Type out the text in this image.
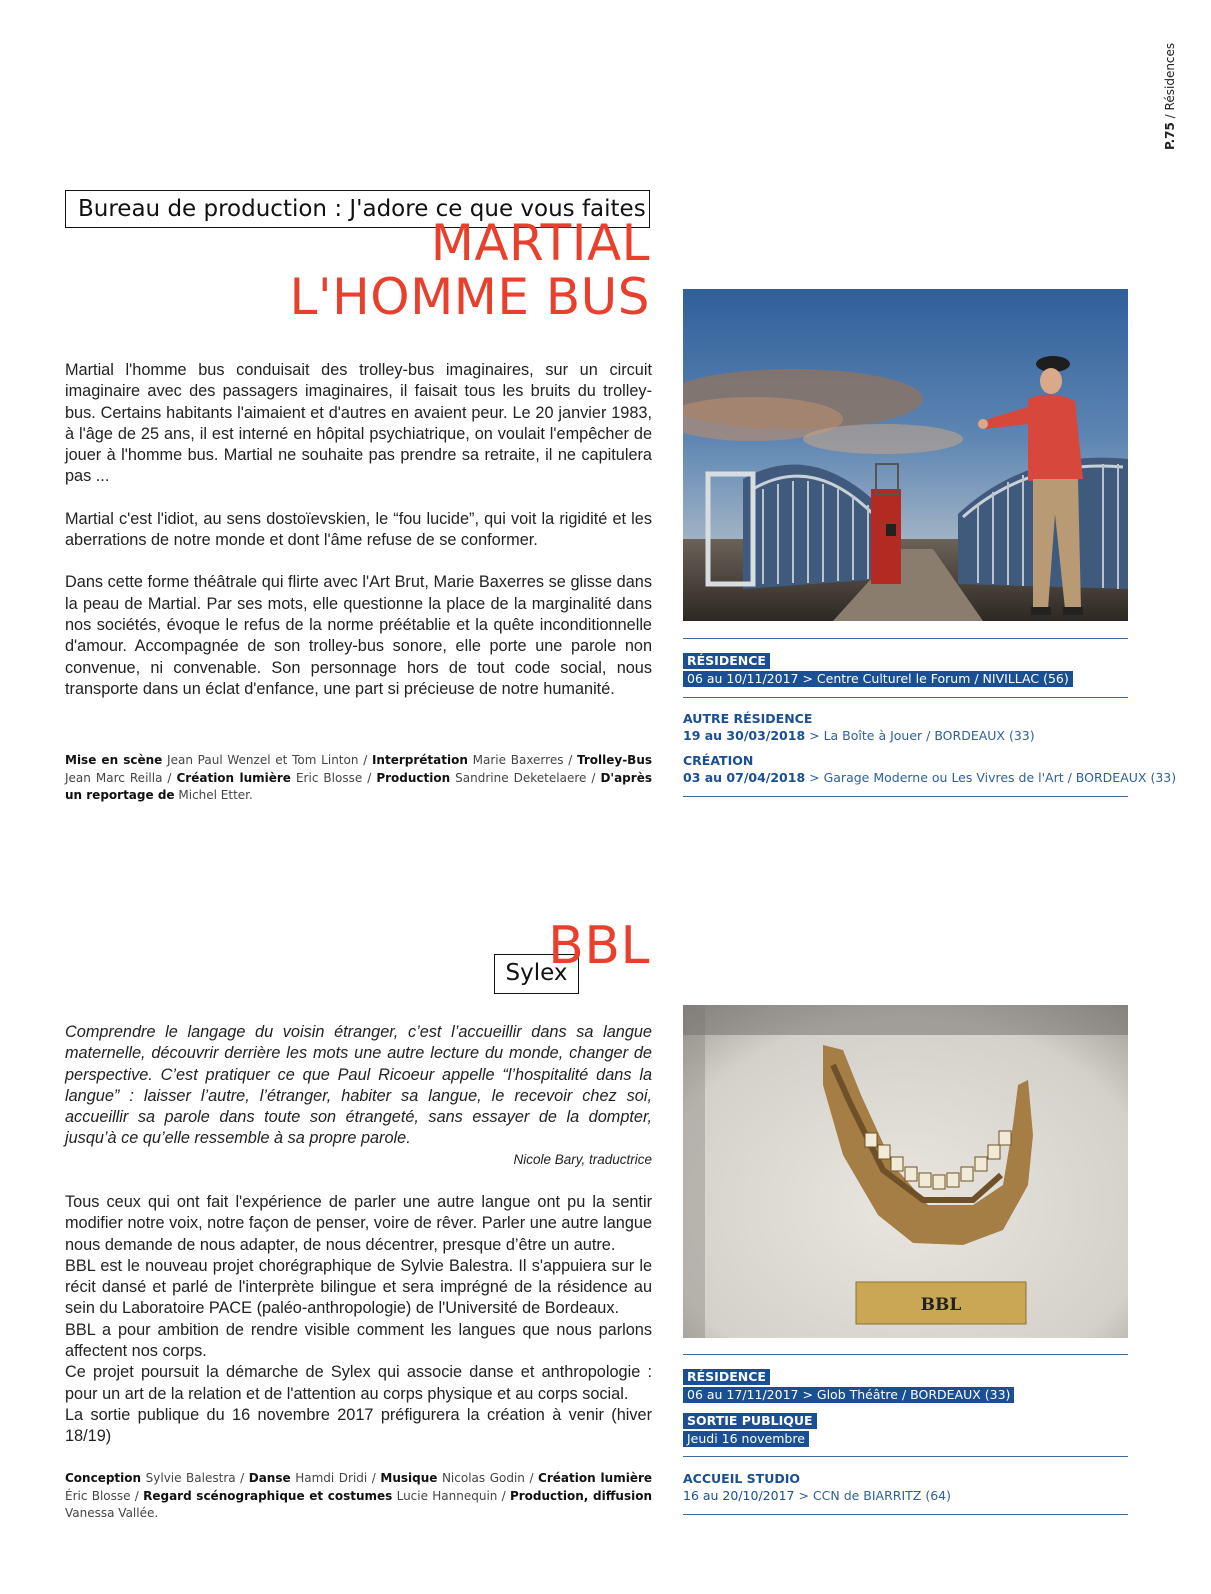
P.75 / Résidences
Bureau de production : J'adore ce que vous faites
MARTIAL
L'HOMME BUS

Martial l'homme bus conduisait des trolley-bus imaginaires, sur un circuit imaginaire avec des passagers imaginaires, il faisait tous les bruits du trolley-bus. Certains habitants l'aimaient et d'autres en avaient peur. Le 20 janvier 1983, à l'âge de 25 ans, il est interné en hôpital psychiatrique, on voulait l'empêcher de jouer à l'homme bus. Martial ne souhaite pas prendre sa retraite, il ne capitulera pas ...

Martial c'est l'idiot, au sens dostoïevskien, le “fou lucide”, qui voit la rigidité et les aberrations de notre monde et dont l'âme refuse de se conformer.

Dans cette forme théâtrale qui flirte avec l'Art Brut, Marie Baxerres se glisse dans la peau de Martial. Par ses mots, elle questionne la place de la marginalité dans nos sociétés, évoque le refus de la norme préétablie et la quête inconditionnelle d'amour. Accompagnée de son trolley-bus sonore, elle porte une parole non convenue, ni convenable. Son personnage hors de tout code social, nous transporte dans un éclat d'enfance, une part si précieuse de notre humanité.

Mise en scène Jean Paul Wenzel et Tom Linton / Interprétation Marie Baxerres / Trolley-Bus Jean Marc Reilla / Création lumière Eric Blosse / Production Sandrine Deketelaere / D'après un reportage de Michel Etter.
RÉSIDENCE
06 au 10/11/2017 > Centre Culturel le Forum / NIVILLAC (56)
AUTRE RÉSIDENCE
19 au 30/03/2018 > La Boîte à Jouer / BORDEAUX (33)
CRÉATION
03 au 07/04/2018 > Garage Moderne ou Les Vivres de l'Art / BORDEAUX (33)
Sylex
BBL
Comprendre le langage du voisin étranger, c’est l’accueillir dans sa langue maternelle, découvrir derrière les mots une autre lecture du monde, changer de perspective. C’est pratiquer ce que Paul Ricoeur appelle “l’hospitalité dans la langue” : laisser l’autre, l’étranger, habiter sa langue, le recevoir chez soi, accueillir sa parole dans toute son étrangeté, sans essayer de la dompter, jusqu’à ce qu’elle ressemble à sa propre parole.
Nicole Bary, traductrice
Tous ceux qui ont fait l'expérience de parler une autre langue ont pu la sentir modifier notre voix, notre façon de penser, voire de rêver. Parler une autre langue nous demande de nous adapter, de nous décentrer, presque d’être un autre.
BBL est le nouveau projet chorégraphique de Sylvie Balestra. Il s'appuiera sur le récit dansé et parlé de l'interprète bilingue et sera imprégné de la résidence au sein du Laboratoire PACE (paléo-anthropologie) de l'Université de Bordeaux.
BBL a pour ambition de rendre visible comment les langues que nous parlons affectent nos corps.
Ce projet poursuit la démarche de Sylex qui associe danse et anthropologie : pour un art de la relation et de l'attention au corps physique et au corps social.
La sortie publique du 16 novembre 2017 préfigurera la création à venir (hiver 18/19)
Conception Sylvie Balestra / Danse Hamdi Dridi / Musique Nicolas Godin / Création lumière Éric Blosse / Regard scénographique et costumes Lucie Hannequin / Production, diffusion Vanessa Vallée.
BBL
RÉSIDENCE
06 au 17/11/2017 > Glob Théâtre / BORDEAUX (33)
SORTIE PUBLIQUE
Jeudi 16 novembre
ACCUEIL STUDIO
16 au 20/10/2017 > CCN de BIARRITZ (64)
